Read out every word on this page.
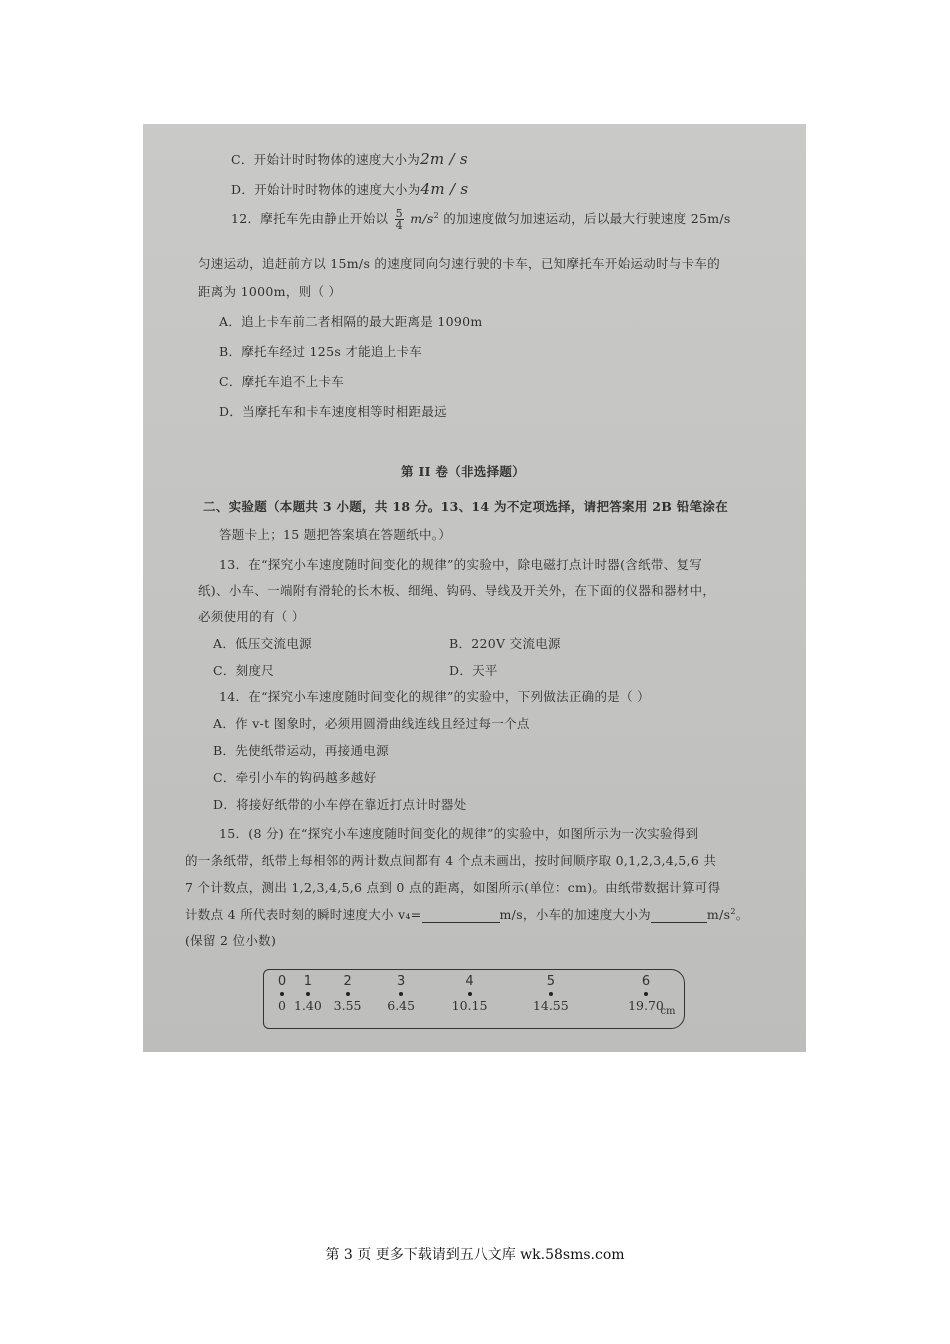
C．开始计时时物体的速度大小为2m / s
D．开始计时时物体的速度大小为4m / s
12．摩托车先由静止开始以 $\frac{5}{4} m/s^2$ 的加速度做匀加速运动，后以最大行驶速度 25m/s
匀速运动，追赶前方以 15m/s 的速度同向匀速行驶的卡车，已知摩托车开始运动时与卡车的
距离为 1000m，则（ ）
A．追上卡车前二者相隔的最大距离是 1090m
B．摩托车经过 125s 才能追上卡车
C．摩托车追不上卡车
D．当摩托车和卡车速度相等时相距最远
第 II 卷（非选择题）
二、实验题（本题共 3 小题，共 18 分。13、14 为不定项选择，请把答案用 2B 铅笔涂在
答题卡上；15 题把答案填在答题纸中。）
13．在“探究小车速度随时间变化的规律”的实验中，除电磁打点计时器(含纸带、复写
纸)、小车、一端附有滑轮的长木板、细绳、钩码、导线及开关外，在下面的仪器和器材中，
必须使用的有（ ）
A．低压交流电源	B．220V 交流电源
C．刻度尺	D．天平
14．在“探究小车速度随时间变化的规律”的实验中，下列做法正确的是（ ）
A．作 v-t 图象时，必须用圆滑曲线连线且经过每一个点
B．先使纸带运动，再接通电源
C．牵引小车的钩码越多越好
D．将接好纸带的小车停在靠近打点计时器处
15．(8 分) 在“探究小车速度随时间变化的规律”的实验中，如图所示为一次实验得到
的一条纸带，纸带上每相邻的两计数点间都有 4 个点未画出，按时间顺序取 0,1,2,3,4,5,6 共
7 个计数点，测出 1,2,3,4,5,6 点到 0 点的距离，如图所示(单位：cm)。由纸带数据计算可得
计数点 4 所代表时刻的瞬时速度大小 v₄=	m/s，小车的加速度大小为	$m/s^2$。
(保留 2 位小数)
0
0
1
1.40
2
3.55
3
6.45
4
10.15
5
14.55
6
19.70
cm
第 3 页 更多下载请到五八文库 wk.58sms.com
